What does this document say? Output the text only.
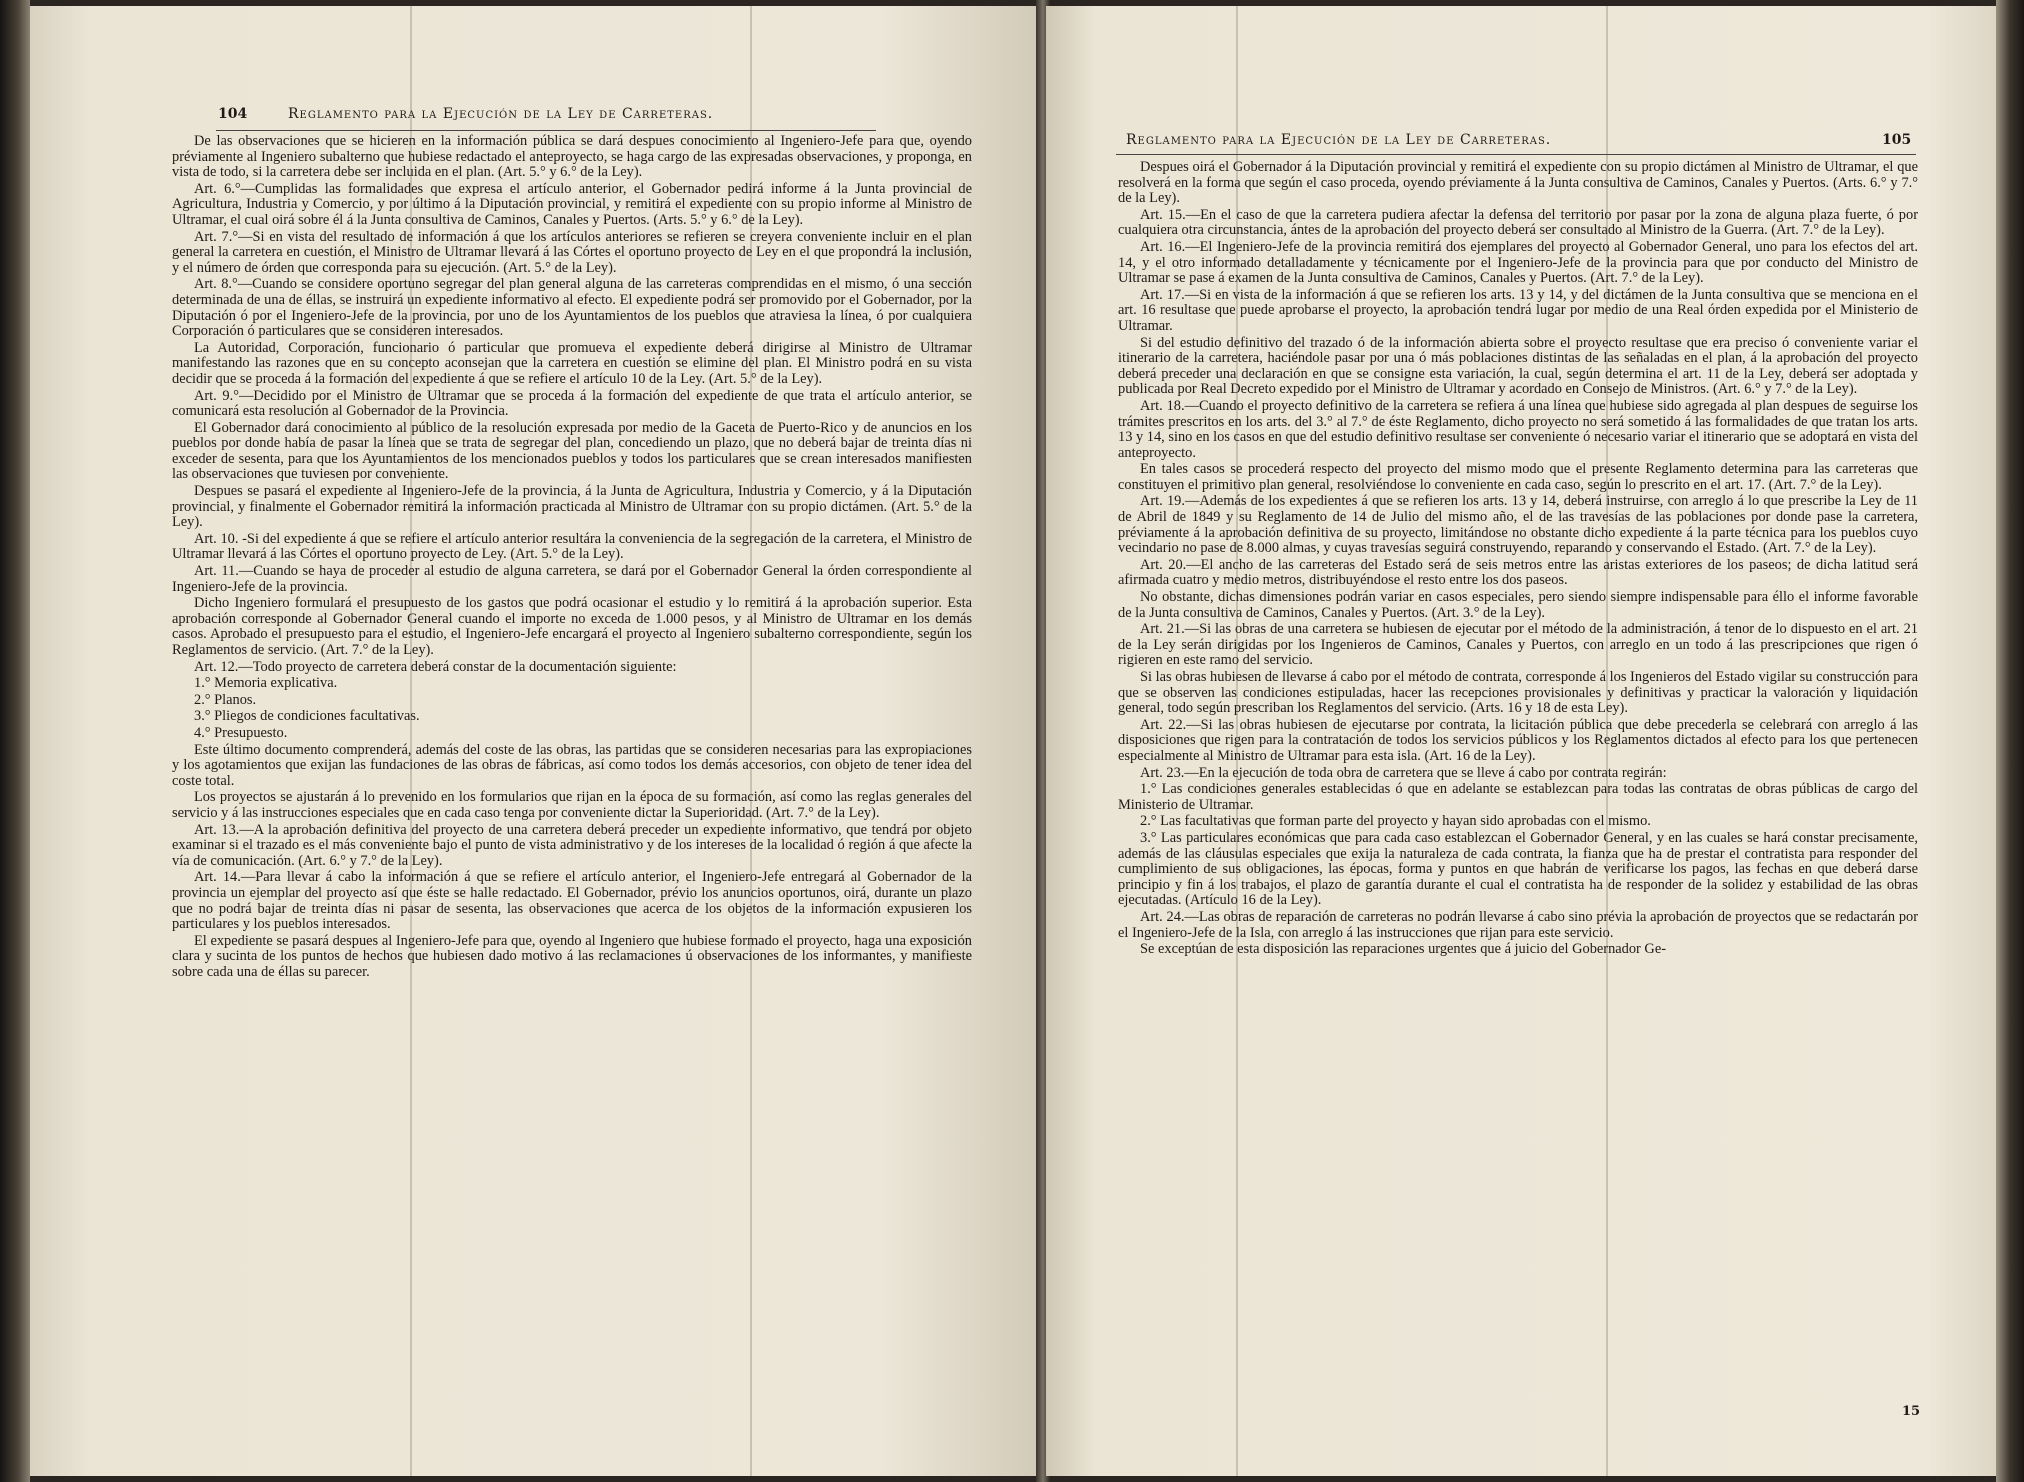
104	Reglamento para la Ejecución de la Ley de Carreteras.

De las observaciones que se hicieren en la información pública se dará despues conocimiento al Ingeniero-Jefe para que, oyendo préviamente al Ingeniero subalterno que hubiese redactado el anteproyecto, se haga cargo de las expresadas observaciones, y proponga, en vista de todo, si la carretera debe ser incluida en el plan. (Art. 5.° y 6.° de la Ley).

Art. 6.°—Cumplidas las formalidades que expresa el artículo anterior, el Gobernador pedirá informe á la Junta provincial de Agricultura, Industria y Comercio, y por último á la Diputación provincial, y remitirá el expediente con su propio informe al Ministro de Ultramar, el cual oirá sobre él á la Junta consultiva de Caminos, Canales y Puertos. (Arts. 5.° y 6.° de la Ley).

Art. 7.°—Si en vista del resultado de información á que los artículos anteriores se refieren se creyera conveniente incluir en el plan general la carretera en cuestión, el Ministro de Ultramar llevará á las Córtes el oportuno proyecto de Ley en el que propondrá la inclusión, y el número de órden que corresponda para su ejecución. (Art. 5.° de la Ley).

Art. 8.°—Cuando se considere oportuno segregar del plan general alguna de las carreteras comprendidas en el mismo, ó una sección determinada de una de éllas, se instruirá un expediente informativo al efecto. El expediente podrá ser promovido por el Gobernador, por la Diputación ó por el Ingeniero-Jefe de la provincia, por uno de los Ayuntamientos de los pueblos que atraviesa la línea, ó por cualquiera Corporación ó particulares que se consideren interesados.

La Autoridad, Corporación, funcionario ó particular que promueva el expediente deberá dirigirse al Ministro de Ultramar manifestando las razones que en su concepto aconsejan que la carretera en cuestión se elimine del plan. El Ministro podrá en su vista decidir que se proceda á la formación del expediente á que se refiere el artículo 10 de la Ley. (Art. 5.° de la Ley).

Art. 9.°—Decidido por el Ministro de Ultramar que se proceda á la formación del expediente de que trata el artículo anterior, se comunicará esta resolución al Gobernador de la Provincia.

El Gobernador dará conocimiento al público de la resolución expresada por medio de la Gaceta de Puerto-Rico y de anuncios en los pueblos por donde había de pasar la línea que se trata de segregar del plan, concediendo un plazo, que no deberá bajar de treinta días ni exceder de sesenta, para que los Ayuntamientos de los mencionados pueblos y todos los particulares que se crean interesados manifiesten las observaciones que tuviesen por conveniente.

Despues se pasará el expediente al Ingeniero-Jefe de la provincia, á la Junta de Agricultura, Industria y Comercio, y á la Diputación provincial, y finalmente el Gobernador remitirá la información practicada al Ministro de Ultramar con su propio dictámen. (Art. 5.° de la Ley).

Art. 10. -Si del expediente á que se refiere el artículo anterior resultára la conveniencia de la segregación de la carretera, el Ministro de Ultramar llevará á las Córtes el oportuno proyecto de Ley. (Art. 5.° de la Ley).

Art. 11.—Cuando se haya de proceder al estudio de alguna carretera, se dará por el Gobernador General la órden correspondiente al Ingeniero-Jefe de la provincia.

Dicho Ingeniero formulará el presupuesto de los gastos que podrá ocasionar el estudio y lo remitirá á la aprobación superior. Esta aprobación corresponde al Gobernador General cuando el importe no exceda de 1.000 pesos, y al Ministro de Ultramar en los demás casos. Aprobado el presupuesto para el estudio, el Ingeniero-Jefe encargará el proyecto al Ingeniero subalterno correspondiente, según los Reglamentos de servicio. (Art. 7.° de la Ley).

Art. 12.—Todo proyecto de carretera deberá constar de la documentación siguiente:

1.° Memoria explicativa.

2.° Planos.

3.° Pliegos de condiciones facultativas.

4.° Presupuesto.

Este último documento comprenderá, además del coste de las obras, las partidas que se consideren necesarias para las expropiaciones y los agotamientos que exijan las fundaciones de las obras de fábricas, así como todos los demás accesorios, con objeto de tener idea del coste total.

Los proyectos se ajustarán á lo prevenido en los formularios que rijan en la época de su formación, así como las reglas generales del servicio y á las instrucciones especiales que en cada caso tenga por conveniente dictar la Superioridad. (Art. 7.° de la Ley).

Art. 13.—A la aprobación definitiva del proyecto de una carretera deberá preceder un expediente informativo, que tendrá por objeto examinar si el trazado es el más conveniente bajo el punto de vista administrativo y de los intereses de la localidad ó región á que afecte la vía de comunicación. (Art. 6.° y 7.° de la Ley).

Art. 14.—Para llevar á cabo la información á que se refiere el artículo anterior, el Ingeniero-Jefe entregará al Gobernador de la provincia un ejemplar del proyecto así que éste se halle redactado. El Gobernador, prévio los anuncios oportunos, oirá, durante un plazo que no podrá bajar de treinta días ni pasar de sesenta, las observaciones que acerca de los objetos de la información expusieren los particulares y los pueblos interesados.

El expediente se pasará despues al Ingeniero-Jefe para que, oyendo al Ingeniero que hubiese formado el proyecto, haga una exposición clara y sucinta de los puntos de hechos que hubiesen dado motivo á las reclamaciones ú observaciones de los informantes, y manifieste sobre cada una de éllas su parecer.

Reglamento para la Ejecución de la Ley de Carreteras.	105

Despues oirá el Gobernador á la Diputación provincial y remitirá el expediente con su propio dictámen al Ministro de Ultramar, el que resolverá en la forma que según el caso proceda, oyendo préviamente á la Junta consultiva de Caminos, Canales y Puertos. (Arts. 6.° y 7.° de la Ley).

Art. 15.—En el caso de que la carretera pudiera afectar la defensa del territorio por pasar por la zona de alguna plaza fuerte, ó por cualquiera otra circunstancia, ántes de la aprobación del proyecto deberá ser consultado al Ministro de la Guerra. (Art. 7.° de la Ley).

Art. 16.—El Ingeniero-Jefe de la provincia remitirá dos ejemplares del proyecto al Gobernador General, uno para los efectos del art. 14, y el otro informado detalladamente y técnicamente por el Ingeniero-Jefe de la provincia para que por conducto del Ministro de Ultramar se pase á examen de la Junta consultiva de Caminos, Canales y Puertos. (Art. 7.° de la Ley).

Art. 17.—Si en vista de la información á que se refieren los arts. 13 y 14, y del dictámen de la Junta consultiva que se menciona en el art. 16 resultase que puede aprobarse el proyecto, la aprobación tendrá lugar por medio de una Real órden expedida por el Ministerio de Ultramar.

Si del estudio definitivo del trazado ó de la información abierta sobre el proyecto resultase que era preciso ó conveniente variar el itinerario de la carretera, haciéndole pasar por una ó más poblaciones distintas de las señaladas en el plan, á la aprobación del proyecto deberá preceder una declaración en que se consigne esta variación, la cual, según determina el art. 11 de la Ley, deberá ser adoptada y publicada por Real Decreto expedido por el Ministro de Ultramar y acordado en Consejo de Ministros. (Art. 6.° y 7.° de la Ley).

Art. 18.—Cuando el proyecto definitivo de la carretera se refiera á una línea que hubiese sido agregada al plan despues de seguirse los trámites prescritos en los arts. del 3.° al 7.° de éste Reglamento, dicho proyecto no será sometido á las formalidades de que tratan los arts. 13 y 14, sino en los casos en que del estudio definitivo resultase ser conveniente ó necesario variar el itinerario que se adoptará en vista del anteproyecto.

En tales casos se procederá respecto del proyecto del mismo modo que el presente Reglamento determina para las carreteras que constituyen el primitivo plan general, resolviéndose lo conveniente en cada caso, según lo prescrito en el art. 17. (Art. 7.° de la Ley).

Art. 19.—Además de los expedientes á que se refieren los arts. 13 y 14, deberá instruirse, con arreglo á lo que prescribe la Ley de 11 de Abril de 1849 y su Reglamento de 14 de Julio del mismo año, el de las travesías de las poblaciones por donde pase la carretera, préviamente á la aprobación definitiva de su proyecto, limitándose no obstante dicho expediente á la parte técnica para los pueblos cuyo vecindario no pase de 8.000 almas, y cuyas travesías seguirá construyendo, reparando y conservando el Estado. (Art. 7.° de la Ley).

Art. 20.—El ancho de las carreteras del Estado será de seis metros entre las aristas exteriores de los paseos; de dicha latitud será afirmada cuatro y medio metros, distribuyéndose el resto entre los dos paseos.

No obstante, dichas dimensiones podrán variar en casos especiales, pero siendo siempre indispensable para éllo el informe favorable de la Junta consultiva de Caminos, Canales y Puertos. (Art. 3.° de la Ley).

Art. 21.—Si las obras de una carretera se hubiesen de ejecutar por el método de la administración, á tenor de lo dispuesto en el art. 21 de la Ley serán dirigidas por los Ingenieros de Caminos, Canales y Puertos, con arreglo en un todo á las prescripciones que rigen ó rigieren en este ramo del servicio.

Si las obras hubiesen de llevarse á cabo por el método de contrata, corresponde á los Ingenieros del Estado vigilar su construcción para que se observen las condiciones estipuladas, hacer las recepciones provisionales y definitivas y practicar la valoración y liquidación general, todo según prescriban los Reglamentos del servicio. (Arts. 16 y 18 de esta Ley).

Art. 22.—Si las obras hubiesen de ejecutarse por contrata, la licitación pública que debe precederla se celebrará con arreglo á las disposiciones que rigen para la contratación de todos los servicios públicos y los Reglamentos dictados al efecto para los que pertenecen especialmente al Ministro de Ultramar para esta isla. (Art. 16 de la Ley).

Art. 23.—En la ejecución de toda obra de carretera que se lleve á cabo por contrata regirán:

1.° Las condiciones generales establecidas ó que en adelante se establezcan para todas las contratas de obras públicas de cargo del Ministerio de Ultramar.

2.° Las facultativas que forman parte del proyecto y hayan sido aprobadas con el mismo.

3.° Las particulares económicas que para cada caso establezcan el Gobernador General, y en las cuales se hará constar precisamente, además de las cláusulas especiales que exija la naturaleza de cada contrata, la fianza que ha de prestar el contratista para responder del cumplimiento de sus obligaciones, las épocas, forma y puntos en que habrán de verificarse los pagos, las fechas en que deberá darse principio y fin á los trabajos, el plazo de garantía durante el cual el contratista ha de responder de la solidez y estabilidad de las obras ejecutadas. (Artículo 16 de la Ley).

Art. 24.—Las obras de reparación de carreteras no podrán llevarse á cabo sino prévia la aprobación de proyectos que se redactarán por el Ingeniero-Jefe de la Isla, con arreglo á las instrucciones que rijan para este servicio.

Se exceptúan de esta disposición las reparaciones urgentes que á juicio del Gobernador Ge-

15
